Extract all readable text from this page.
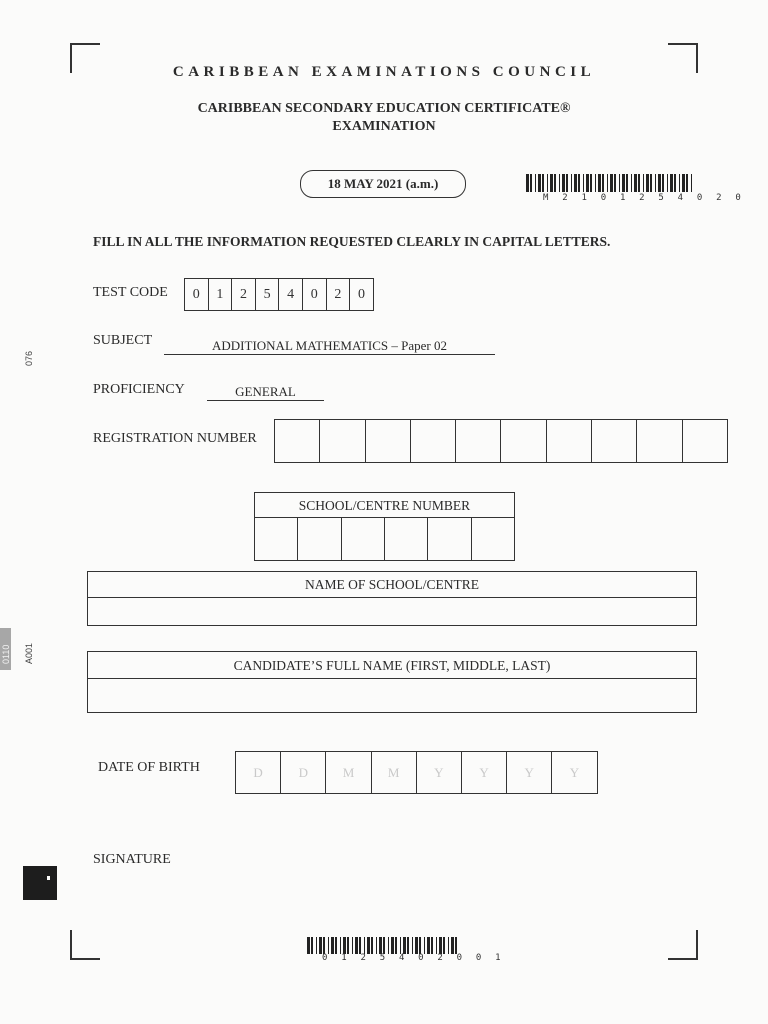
076
0110 A001
CARIBBEAN EXAMINATIONS COUNCIL
CARIBBEAN SECONDARY EDUCATION CERTIFICATE®
EXAMINATION
18 MAY 2021 (a.m.)
M 2 1 0 1 2 5 4 0 2 0
FILL IN ALL THE INFORMATION REQUESTED CLEARLY IN CAPITAL LETTERS.
TEST CODE	0	1	2	5	4	0	2	0
SUBJECT	ADDITIONAL MATHEMATICS – Paper 02
PROFICIENCY	GENERAL
REGISTRATION NUMBER
SCHOOL/CENTRE NUMBER
NAME OF SCHOOL/CENTRE
CANDIDATE’S FULL NAME (FIRST, MIDDLE, LAST)
DATE OF BIRTH	D	D	M	M	Y	Y	Y	Y
SIGNATURE
0 1 2 5 4 0 2 0 0 1
